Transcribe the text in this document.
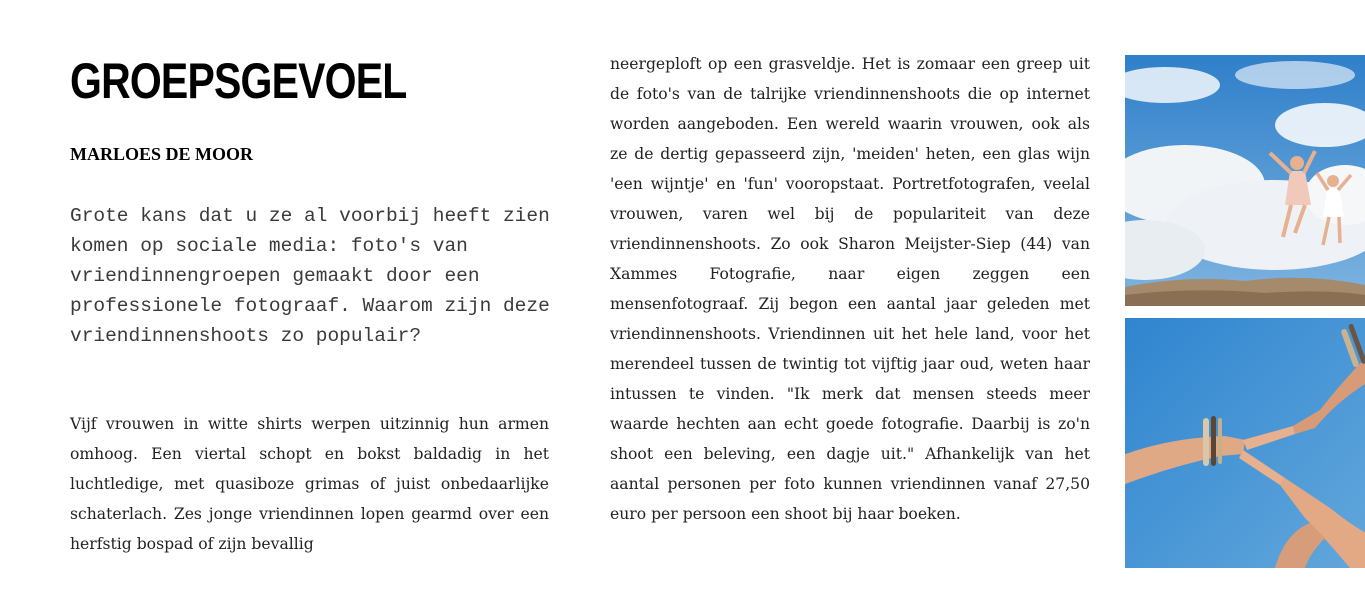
GROEPSGEVOEL
MARLOES DE MOOR

Grote kans dat u ze al voorbij heeft zien komen op sociale media: foto's van vriendinnengroepen gemaakt door een professionele fotograaf. Waarom zijn deze vriendinnenshoots zo populair?

Vijf vrouwen in witte shirts werpen uitzinnig hun armen omhoog. Een viertal schopt en bokst baldadig in het luchtledige, met quasiboze grimas of juist onbedaarlijke schaterlach. Zes jonge vriendinnen lopen gearmd over een herfstig bospad of zijn bevallig

neergeploft op een grasveldje. Het is zomaar een greep uit de foto's van de talrijke vriendinnenshoots die op internet worden aangeboden. Een wereld waarin vrouwen, ook als ze de dertig gepasseerd zijn, 'meiden' heten, een glas wijn 'een wijntje' en 'fun' vooropstaat. Portretfotografen, veelal vrouwen, varen wel bij de populariteit van deze vriendinnenshoots. Zo ook Sharon Meijster-Siep (44) van Xammes Fotografie, naar eigen zeggen een mensenfotograaf. Zij begon een aantal jaar geleden met vriendinnenshoots. Vriendinnen uit het hele land, voor het merendeel tussen de twintig tot vijftig jaar oud, weten haar intussen te vinden. "Ik merk dat mensen steeds meer waarde hechten aan echt goede fotografie. Daarbij is zo'n shoot een beleving, een dagje uit." Afhankelijk van het aantal personen per foto kunnen vriendinnen vanaf 27,50 euro per persoon een shoot bij haar boeken.
